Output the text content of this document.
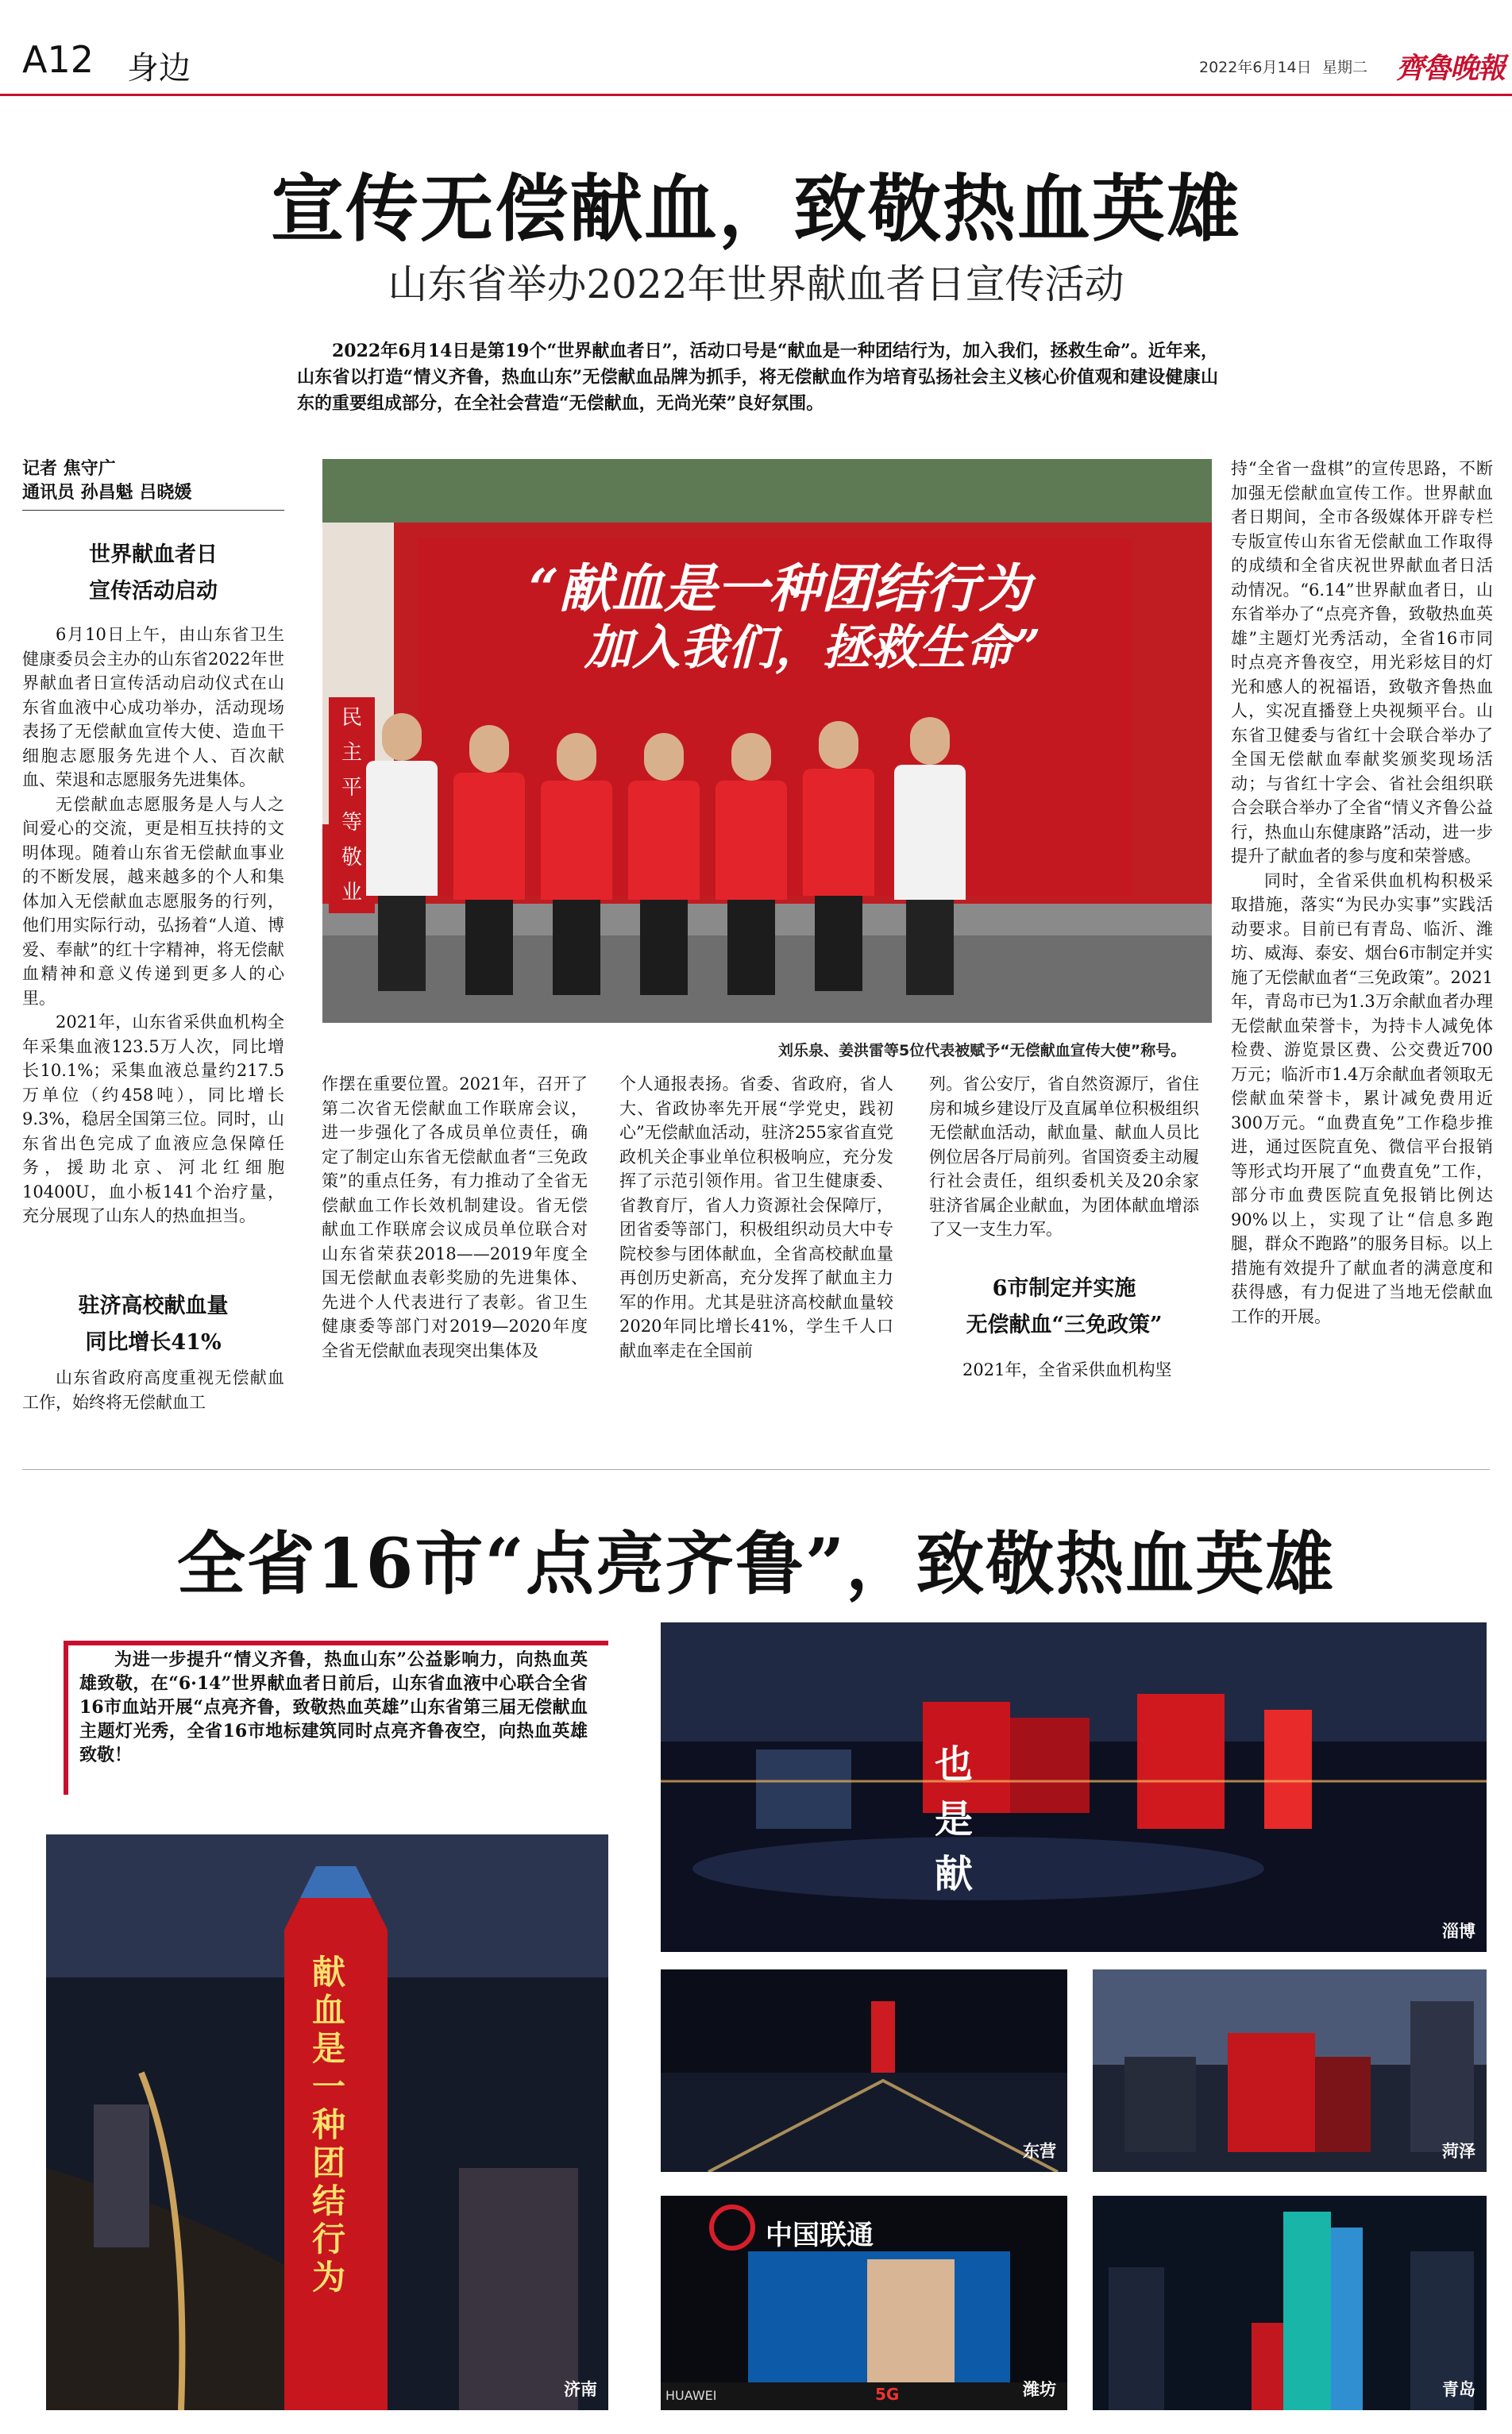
A12 身边	2022年6月14日 星期二 齊魯晚報
宣传无偿献血，致敬热血英雄
山东省举办2022年世界献血者日宣传活动
2022年6月14日是第19个“世界献血者日”，活动口号是“献血是一种团结行为，加入我们，拯救生命”。近年来，山东省以打造“情义齐鲁，热血山东”无偿献血品牌为抓手，将无偿献血作为培育弘扬社会主义核心价值观和建设健康山东的重要组成部分，在全社会营造“无偿献血，无尚光荣”良好氛围。
记者 焦守广
通讯员 孙昌魁 吕晓媛
世界献血者日
宣传活动启动

6月10日上午，由山东省卫生健康委员会主办的山东省2022年世界献血者日宣传活动启动仪式在山东省血液中心成功举办，活动现场表扬了无偿献血宣传大使、造血干细胞志愿服务先进个人、百次献血、荣退和志愿服务先进集体。

无偿献血志愿服务是人与人之间爱心的交流，更是相互扶持的文明体现。随着山东省无偿献血事业的不断发展，越来越多的个人和集体加入无偿献血志愿服务的行列，他们用实际行动，弘扬着“人道、博爱、奉献”的红十字精神，将无偿献血精神和意义传递到更多人的心里。

2021年，山东省采供血机构全年采集血液123.5万人次，同比增长10.1%；采集血液总量约217.5万单位（约458吨），同比增长9.3%，稳居全国第三位。同时，山东省出色完成了血液应急保障任务，援助北京、河北红细胞10400U，血小板141个治疗量，充分展现了山东人的热血担当。

驻济高校献血量
同比增长41%

山东省政府高度重视无偿献血工作，始终将无偿献血工

作摆在重要位置。2021年，召开了第二次省无偿献血工作联席会议，进一步强化了各成员单位责任，确定了制定山东省无偿献血者“三免政策”的重点任务，有力推动了全省无偿献血工作长效机制建设。省无偿献血工作联席会议成员单位联合对山东省荣获2018——2019年度全国无偿献血表彰奖励的先进集体、先进个人代表进行了表彰。省卫生健康委等部门对2019—2020年度全省无偿献血表现突出集体及

个人通报表扬。省委、省政府，省人大、省政协率先开展“学党史，践初心”无偿献血活动，驻济255家省直党政机关企事业单位积极响应，充分发挥了示范引领作用。省卫生健康委、省教育厅，省人力资源社会保障厅，团省委等部门，积极组织动员大中专院校参与团体献血，全省高校献血量再创历史新高，充分发挥了献血主力军的作用。尤其是驻济高校献血量较2020年同比增长41%，学生千人口献血率走在全国前

列。省公安厅，省自然资源厅，省住房和城乡建设厅及直属单位积极组织无偿献血活动，献血量、献血人员比例位居各厅局前列。省国资委主动履行社会责任，组织委机关及20余家驻济省属企业献血，为团体献血增添了又一支生力军。

6市制定并实施
无偿献血“三免政策”

2021年，全省采供血机构坚

持“全省一盘棋”的宣传思路，不断加强无偿献血宣传工作。世界献血者日期间，全市各级媒体开辟专栏专版宣传山东省无偿献血工作取得的成绩和全省庆祝世界献血者日活动情况。“6.14”世界献血者日，山东省举办了“点亮齐鲁，致敬热血英雄”主题灯光秀活动，全省16市同时点亮齐鲁夜空，用光彩炫目的灯光和感人的祝福语，致敬齐鲁热血人，实况直播登上央视频平台。山东省卫健委与省红十会联合举办了全国无偿献血奉献奖颁奖现场活动；与省红十字会、省社会组织联合会联合举办了全省“情义齐鲁公益行，热血山东健康路”活动，进一步提升了献血者的参与度和荣誉感。

同时，全省采供血机构积极采取措施，落实“为民办实事”实践活动要求。目前已有青岛、临沂、潍坊、威海、泰安、烟台6市制定并实施了无偿献血者“三免政策”。2021年，青岛市已为1.3万余献血者办理无偿献血荣誉卡，为持卡人减免体检费、游览景区费、公交费近700万元；临沂市1.4万余献血者领取无偿献血荣誉卡，累计减免费用近300万元。“血费直免”工作稳步推进，通过医院直免、微信平台报销等形式均开展了“血费直免”工作，部分市血费医院直免报销比例达90%以上，实现了让“信息多跑腿，群众不跑路”的服务目标。以上措施有效提升了献血者的满意度和获得感，有力促进了当地无偿献血工作的开展。

“献血是一种团结行为
加入我们，拯救生命”
民主 平等 敬业
刘乐泉、姜洪雷等5位代表被赋予“无偿献血宣传大使”称号。
全省16市“点亮齐鲁”，致敬热血英雄
为进一步提升“情义齐鲁，热血山东”公益影响力，向热血英雄致敬，在“6·14”世界献血者日前后，山东省血液中心联合全省16市血站开展“点亮齐鲁，致敬热血英雄”山东省第三届无偿献血主题灯光秀，全省16市地标建筑同时点亮齐鲁夜空，向热血英雄致敬！
献血是一种团结行为
济南
也 是 献
淄博
东营	菏泽
中国联通
HUAWEI	5G	潍坊	青岛
